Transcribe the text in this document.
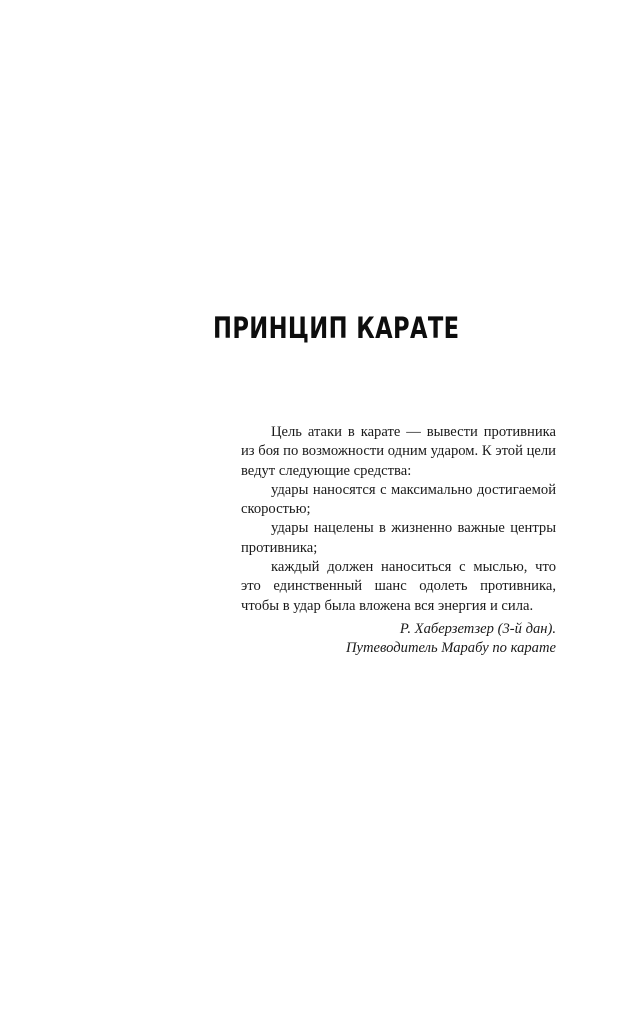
ПРИНЦИП КАРАТЕ

Цель атаки в карате — вывести противника из боя по возможности одним ударом. К этой цели ведут следующие средства:

удары наносятся с максимально достигаемой скоростью;

удары нацелены в жизненно важные центры противника;

каждый должен наноситься с мыслью, что это единственный шанс одолеть противника, чтобы в удар была вложена вся энергия и сила.

Р. Хаберзетзер (3-й дан).
Путеводитель Марабу по карате
